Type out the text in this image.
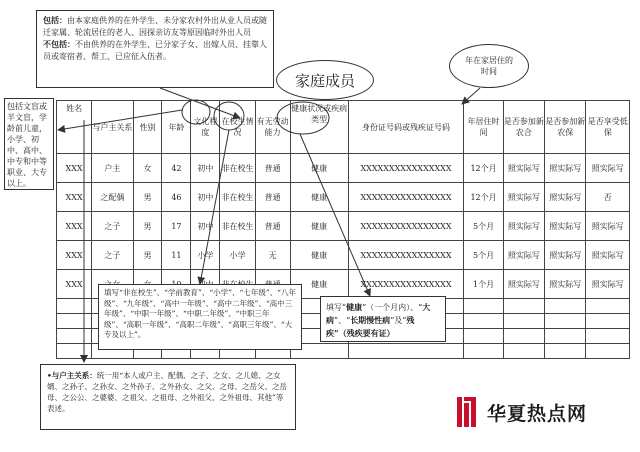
包括：由本家庭供养的在外学生、未分家农村外出从业人员或随迁家属、轮流居住的老人、因探亲访友等原因临时外出人员
不包括：不由供养的在外学生、已分家子女、出嫁人员、挂靠人员或寄宿者、帮工、已应征入伍者。
家庭成员
年在家居住的时间
包括文盲或半文盲，学龄前儿童，小学、初中、高中、中专和中等职业、大专以上。
姓名	与户主关系	性别	年龄	文化程度	在校生情况	有无劳动能力	健康状况或疾病类型	身份证号码或残疾证号码	年居住时间	是否参加新农合	是否参加新农保	是否享受低保
XXX	户主	女	42	初中	非在校生	普通	健康	XXXXXXXXXXXXXXXX	12个月	照实际写	照实际写	照实际写
XXX	之配偶	男	46	初中	非在校生	普通	健康	XXXXXXXXXXXXXXXX	12个月	照实际写	照实际写	否
XXX	之子	男	17	初中	非在校生	普通	健康	XXXXXXXXXXXXXXXX	5个月	照实际写	照实际写	照实际写
XXX	之子	男	11	小学	小学	无	健康	XXXXXXXXXXXXXXXX	5个月	照实际写	照实际写	照实际写
XXX							健康	XXXXXXXXXXXXXXXX	1个月	照实际写	照实际写	照实际写

填写“非在校生”、“学前教育”、“小学”、“七年级”、“八年级”、“九年级”、“高中一年级”、“高中二年级”、“高中三年级”、“中职一年级”、“中职二年级”、“中职三年级”、“高职一年级”、“高职二年级”、“高职三年级”、“大专及以上”。
填写“健康”（一个月内）、“大病”、“长期慢性病”及“残疾”（残疾要有证）
•与户主关系：统一用“本人或户主、配偶、之子、之女、之儿媳、之女婿、之孙子、之孙女、之外孙子、之外孙女、之父、之母、之岳父、之岳母、之公公、之婆婆、之祖父、之祖母、之外祖父、之外祖母、其他”等表述。	华夏热点网
